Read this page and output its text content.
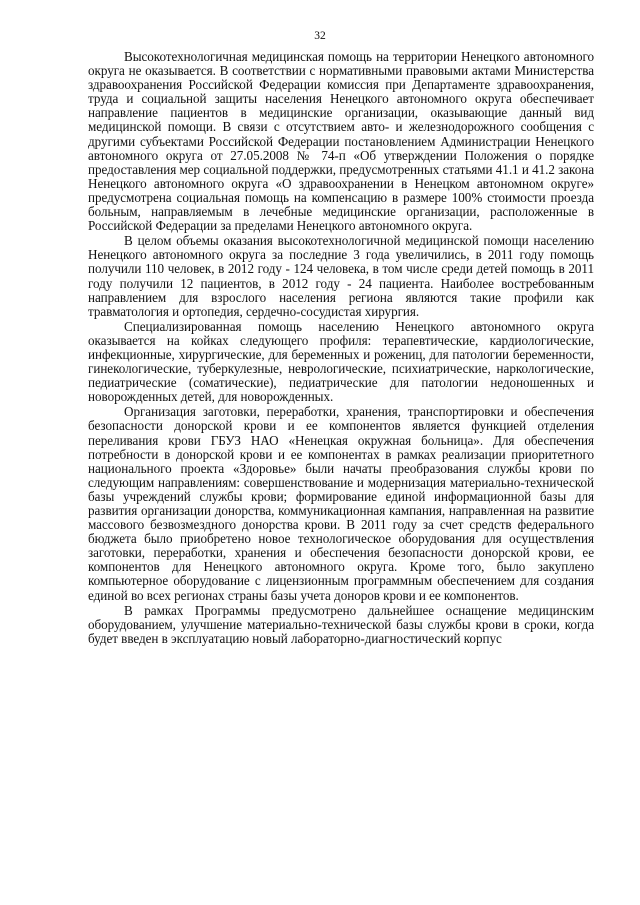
32

Высокотехнологичная медицинская помощь на территории Ненецкого автономного округа не оказывается. В соответствии с нормативными правовыми актами Министерства здравоохранения Российской Федерации комиссия при Департаменте здравоохранения, труда и социальной защиты населения Ненецкого автономного округа обеспечивает направление пациентов в медицинские организации, оказывающие данный вид медицинской помощи. В связи с отсутствием авто- и железнодорожного сообщения с другими субъектами Российской Федерации постановлением Администрации Ненецкого автономного округа от 27.05.2008 № 74-п «Об утверждении Положения о порядке предоставления мер социальной поддержки, предусмотренных статьями 41.1 и 41.2 закона Ненецкого автономного округа «О здравоохранении в Ненецком автономном округе» предусмотрена социальная помощь на компенсацию в размере 100% стоимости проезда больным, направляемым в лечебные медицинские организации, расположенные в Российской Федерации за пределами Ненецкого автономного округа.

В целом объемы оказания высокотехнологичной медицинской помощи населению Ненецкого автономного округа за последние 3 года увеличились, в 2011 году помощь получили 110 человек, в 2012 году - 124 человека, в том числе среди детей помощь в 2011 году получили 12 пациентов, в 2012 году - 24 пациента. Наиболее востребованным направлением для взрослого населения региона являются такие профили как травматология и ортопедия, сердечно-сосудистая хирургия.

Специализированная помощь населению Ненецкого автономного округа оказывается на койках следующего профиля: терапевтические, кардиологические, инфекционные, хирургические, для беременных и рожениц, для патологии беременности, гинекологические, туберкулезные, неврологические, психиатрические, наркологические, педиатрические (соматические), педиатрические для патологии недоношенных и новорожденных детей, для новорожденных.

Организация заготовки, переработки, хранения, транспортировки и обеспечения безопасности донорской крови и ее компонентов является функцией отделения переливания крови ГБУЗ НАО «Ненецкая окружная больница». Для обеспечения потребности в донорской крови и ее компонентах в рамках реализации приоритетного национального проекта «Здоровье» были начаты преобразования службы крови по следующим направлениям: совершенствование и модернизация материально-технической базы учреждений службы крови; формирование единой информационной базы для развития организации донорства, коммуникационная кампания, направленная на развитие массового безвозмездного донорства крови. В 2011 году за счет средств федерального бюджета было приобретено новое технологическое оборудования для осуществления заготовки, переработки, хранения и обеспечения безопасности донорской крови, ее компонентов для Ненецкого автономного округа. Кроме того, было закуплено компьютерное оборудование с лицензионным программным обеспечением для создания единой во всех регионах страны базы учета доноров крови и ее компонентов.

В рамках Программы предусмотрено дальнейшее оснащение медицинским оборудованием, улучшение материально-технической базы службы крови в сроки, когда будет введен в эксплуатацию новый лабораторно-диагностический корпус
